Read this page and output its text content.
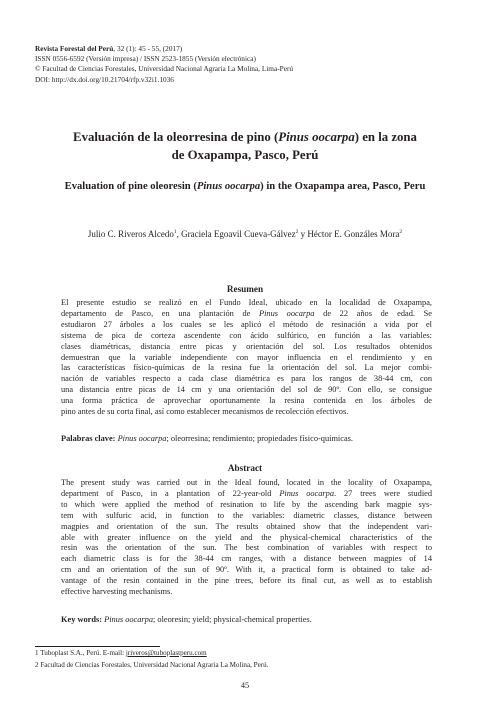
Revista Forestal del Perú, 32 (1): 45 - 55, (2017)
ISSN 0556-6592 (Versión impresa) / ISSN 2523-1855 (Versión electrónica)
© Facultad de Ciencias Forestales, Universidad Nacional Agraria La Molina, Lima-Perú
DOI: http://dx.doi.org/10.21704/rfp.v32i1.1036
Evaluación de la oleorresina de pino (Pinus oocarpa) en la zona
de Oxapampa, Pasco, Perú
Evaluation of pine oleoresin (Pinus oocarpa) in the Oxapampa area, Pasco, Peru
Julio C. Riveros Alcedo$^1$, Graciela Egoavil Cueva-Gálvez$^2$ y Héctor E. Gonzáles Mora$^2$
Resumen
El presente estudio se realizó en el Fundo Ideal, ubicado en la localidad de Oxapampa,
departamento de Pasco, en una plantación de Pinus oocarpa de 22 años de edad. Se
estudiaron 27 árboles a los cuales se les aplicó el método de resinación a vida por el
sistema de pica de corteza ascendente con ácido sulfúrico, en función a las variables:
clases diamétricas, distancia entre picas y orientación del sol. Los resultados obtenidos
demuestran que la variable independiente con mayor influencia en el rendimiento y en
las características físico-químicas de la resina fue la orientación del sol. La mejor combi-
nación de variables respecto a cada clase diamétrica es para los rangos de 38-44 cm, con
una distancia entre picas de 14 cm y una orientación del sol de 90º. Con ello, se consigue
una forma práctica de aprovechar oportunamente la resina contenida en los árboles de
pino antes de su corta final, así como establecer mecanismos de recolección efectivos.
Palabras clave: Pinus oocarpa; oleorresina; rendimiento; propiedades físico-químicas.
Abstract
The present study was carried out in the Ideal found, located in the locality of Oxapampa,
department of Pasco, in a plantation of 22-year-old Pinus oocarpa. 27 trees were studied
to which were applied the method of resination to life by the ascending bark magpie sys-
tem with sulfuric acid, in function to the variables: diametric classes, distance between
magpies and orientation of the sun. The results obtained show that the independent vari-
able with greater influence on the yield and the physical-chemical characteristics of the
resin was the orientation of the sun. The best combination of variables with respect to
each diametric class is for the 38-44 cm ranges, with a distance between magpies of 14
cm and an orientation of the sun of 90º. With it, a practical form is obtained to take ad-
vantage of the resin contained in the pine trees, before its final cut, as well as to establish
effective harvesting mechanisms.
Key words: Pinus oocarpa; oleoresin; yield; physical-chemical properties.
1 Tuboplast S.A., Perú. E-mail: jriveros@tuboplastperu.com
2 Facultad de Ciencias Forestales, Universidad Nacional Agraria La Molina, Perú.
45
